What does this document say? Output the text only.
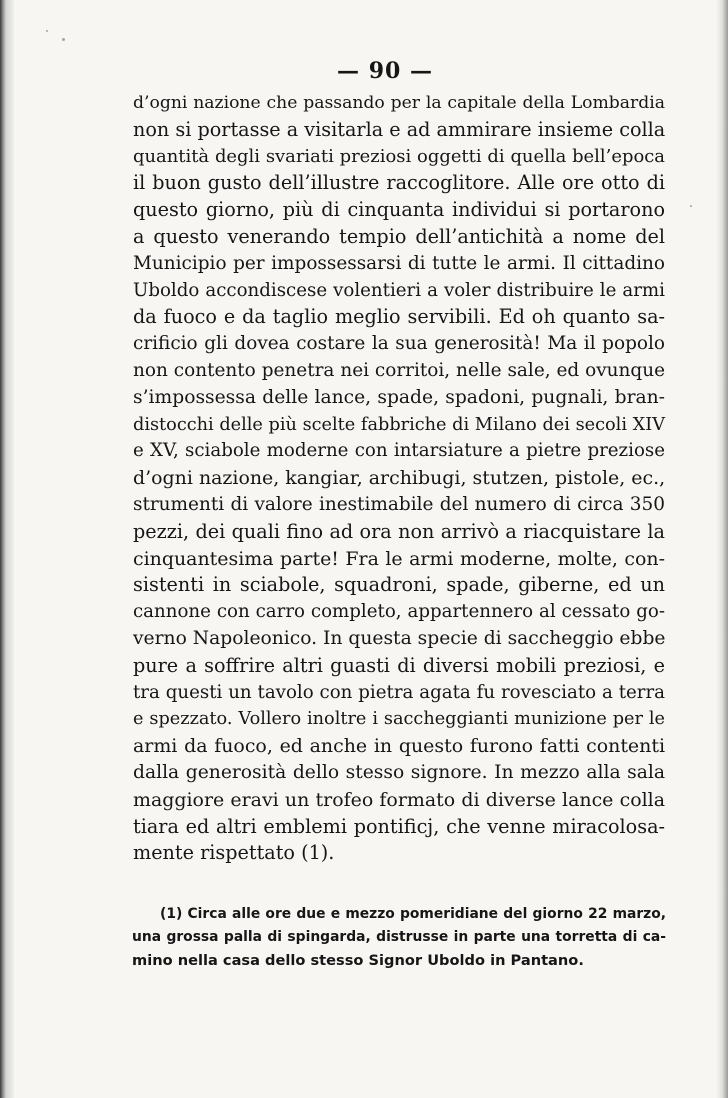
— 90 —
d’ogni nazione che passando per la capitale della Lombardia
non si portasse a visitarla e ad ammirare insieme colla
quantità degli svariati preziosi oggetti di quella bell’epoca
il buon gusto dell’illustre raccoglitore. Alle ore otto di
questo giorno, più di cinquanta individui si portarono
a questo venerando tempio dell’antichità a nome del
Municipio per impossessarsi di tutte le armi. Il cittadino
Uboldo accondiscese volentieri a voler distribuire le armi
da fuoco e da taglio meglio servibili. Ed oh quanto sa-
crificio gli dovea costare la sua generosità! Ma il popolo
non contento penetra nei corritoi, nelle sale, ed ovunque
s’impossessa delle lance, spade, spadoni, pugnali, bran-
distocchi delle più scelte fabbriche di Milano dei secoli XIV
e XV, sciabole moderne con intarsiature a pietre preziose
d’ogni nazione, kangiar, archibugi, stutzen, pistole, ec.,
strumenti di valore inestimabile del numero di circa 350
pezzi, dei quali fino ad ora non arrivò a riacquistare la
cinquantesima parte! Fra le armi moderne, molte, con-
sistenti in sciabole, squadroni, spade, giberne, ed un
cannone con carro completo, appartennero al cessato go-
verno Napoleonico. In questa specie di saccheggio ebbe
pure a soffrire altri guasti di diversi mobili preziosi, e
tra questi un tavolo con pietra agata fu rovesciato a terra
e spezzato. Vollero inoltre i saccheggianti munizione per le
armi da fuoco, ed anche in questo furono fatti contenti
dalla generosità dello stesso signore. In mezzo alla sala
maggiore eravi un trofeo formato di diverse lance colla
tiara ed altri emblemi pontificj, che venne miracolosa-
mente rispettato (1).
(1) Circa alle ore due e mezzo pomeridiane del giorno 22 marzo,
una grossa palla di spingarda, distrusse in parte una torretta di ca-
mino nella casa dello stesso Signor Uboldo in Pantano.
